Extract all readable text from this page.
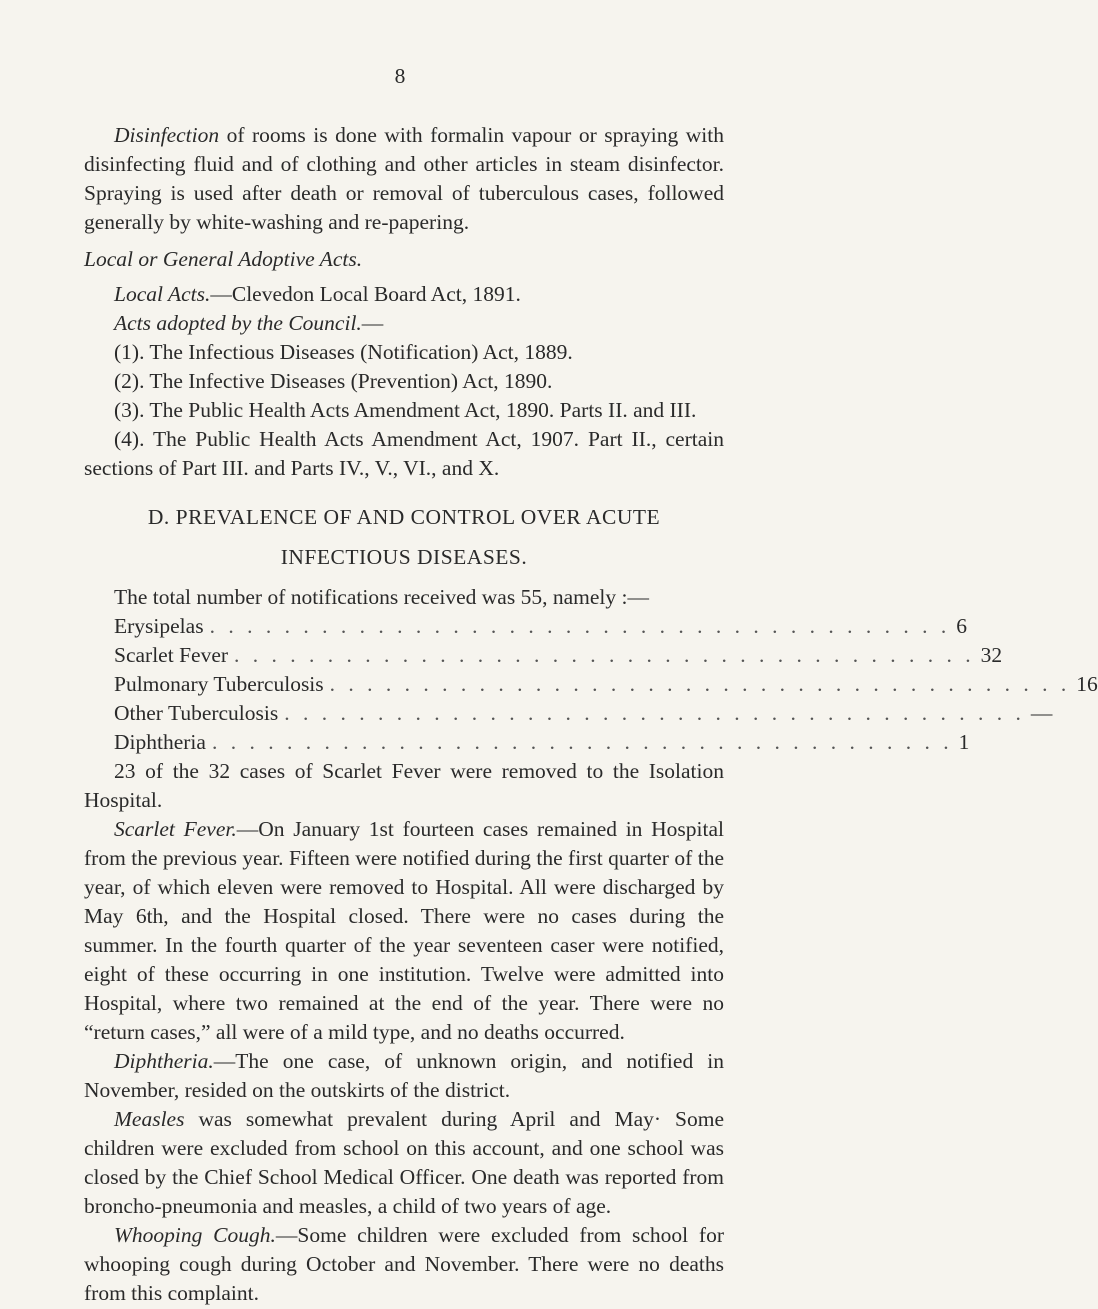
8

Disinfection of rooms is done with formalin vapour or spraying with disinfecting fluid and of clothing and other articles in steam disinfector. Spraying is used after death or removal of tuberculous cases, followed generally by white-washing and re-papering.

Local or General Adoptive Acts.

Local Acts.—Clevedon Local Board Act, 1891.

Acts adopted by the Council.—

(1). The Infectious Diseases (Notification) Act, 1889.

(2). The Infective Diseases (Prevention) Act, 1890.

(3). The Public Health Acts Amendment Act, 1890. Parts II. and III.

(4). The Public Health Acts Amendment Act, 1907. Part II., certain sections of Part III. and Parts IV., V., VI., and X.

D. PREVALENCE OF AND CONTROL OVER ACUTE
INFECTIOUS DISEASES.

The total number of notifications received was 55, namely :—

Erysipelas . . . . . . . . . . . . . . . . . . . . . . . . . . . . . . . . . . . . . . . . 6
Scarlet Fever . . . . . . . . . . . . . . . . . . . . . . . . . . . . . . . . . . . . . . . . 32
Pulmonary Tuberculosis . . . . . . . . . . . . . . . . . . . . . . . . . . . . . . . . . . . . . . . . 16
Other Tuberculosis . . . . . . . . . . . . . . . . . . . . . . . . . . . . . . . . . . . . . . . . —
Diphtheria . . . . . . . . . . . . . . . . . . . . . . . . . . . . . . . . . . . . . . . . 1

23 of the 32 cases of Scarlet Fever were removed to the Isolation Hospital.

Scarlet Fever.—On January 1st fourteen cases remained in Hospital from the previous year. Fifteen were notified during the first quarter of the year, of which eleven were removed to Hospital. All were discharged by May 6th, and the Hospital closed. There were no cases during the summer. In the fourth quarter of the year seventeen caser were notified, eight of these occurring in one institution. Twelve were admitted into Hospital, where two remained at the end of the year. There were no “return cases,” all were of a mild type, and no deaths occurred.

Diphtheria.—The one case, of unknown origin, and notified in November, resided on the outskirts of the district.

Measles was somewhat prevalent during April and May· Some children were excluded from school on this account, and one school was closed by the Chief School Medical Officer. One death was reported from broncho-pneumonia and measles, a child of two years of age.

Whooping Cough.—Some children were excluded from school for whooping cough during October and November. There were no deaths from this complaint.
